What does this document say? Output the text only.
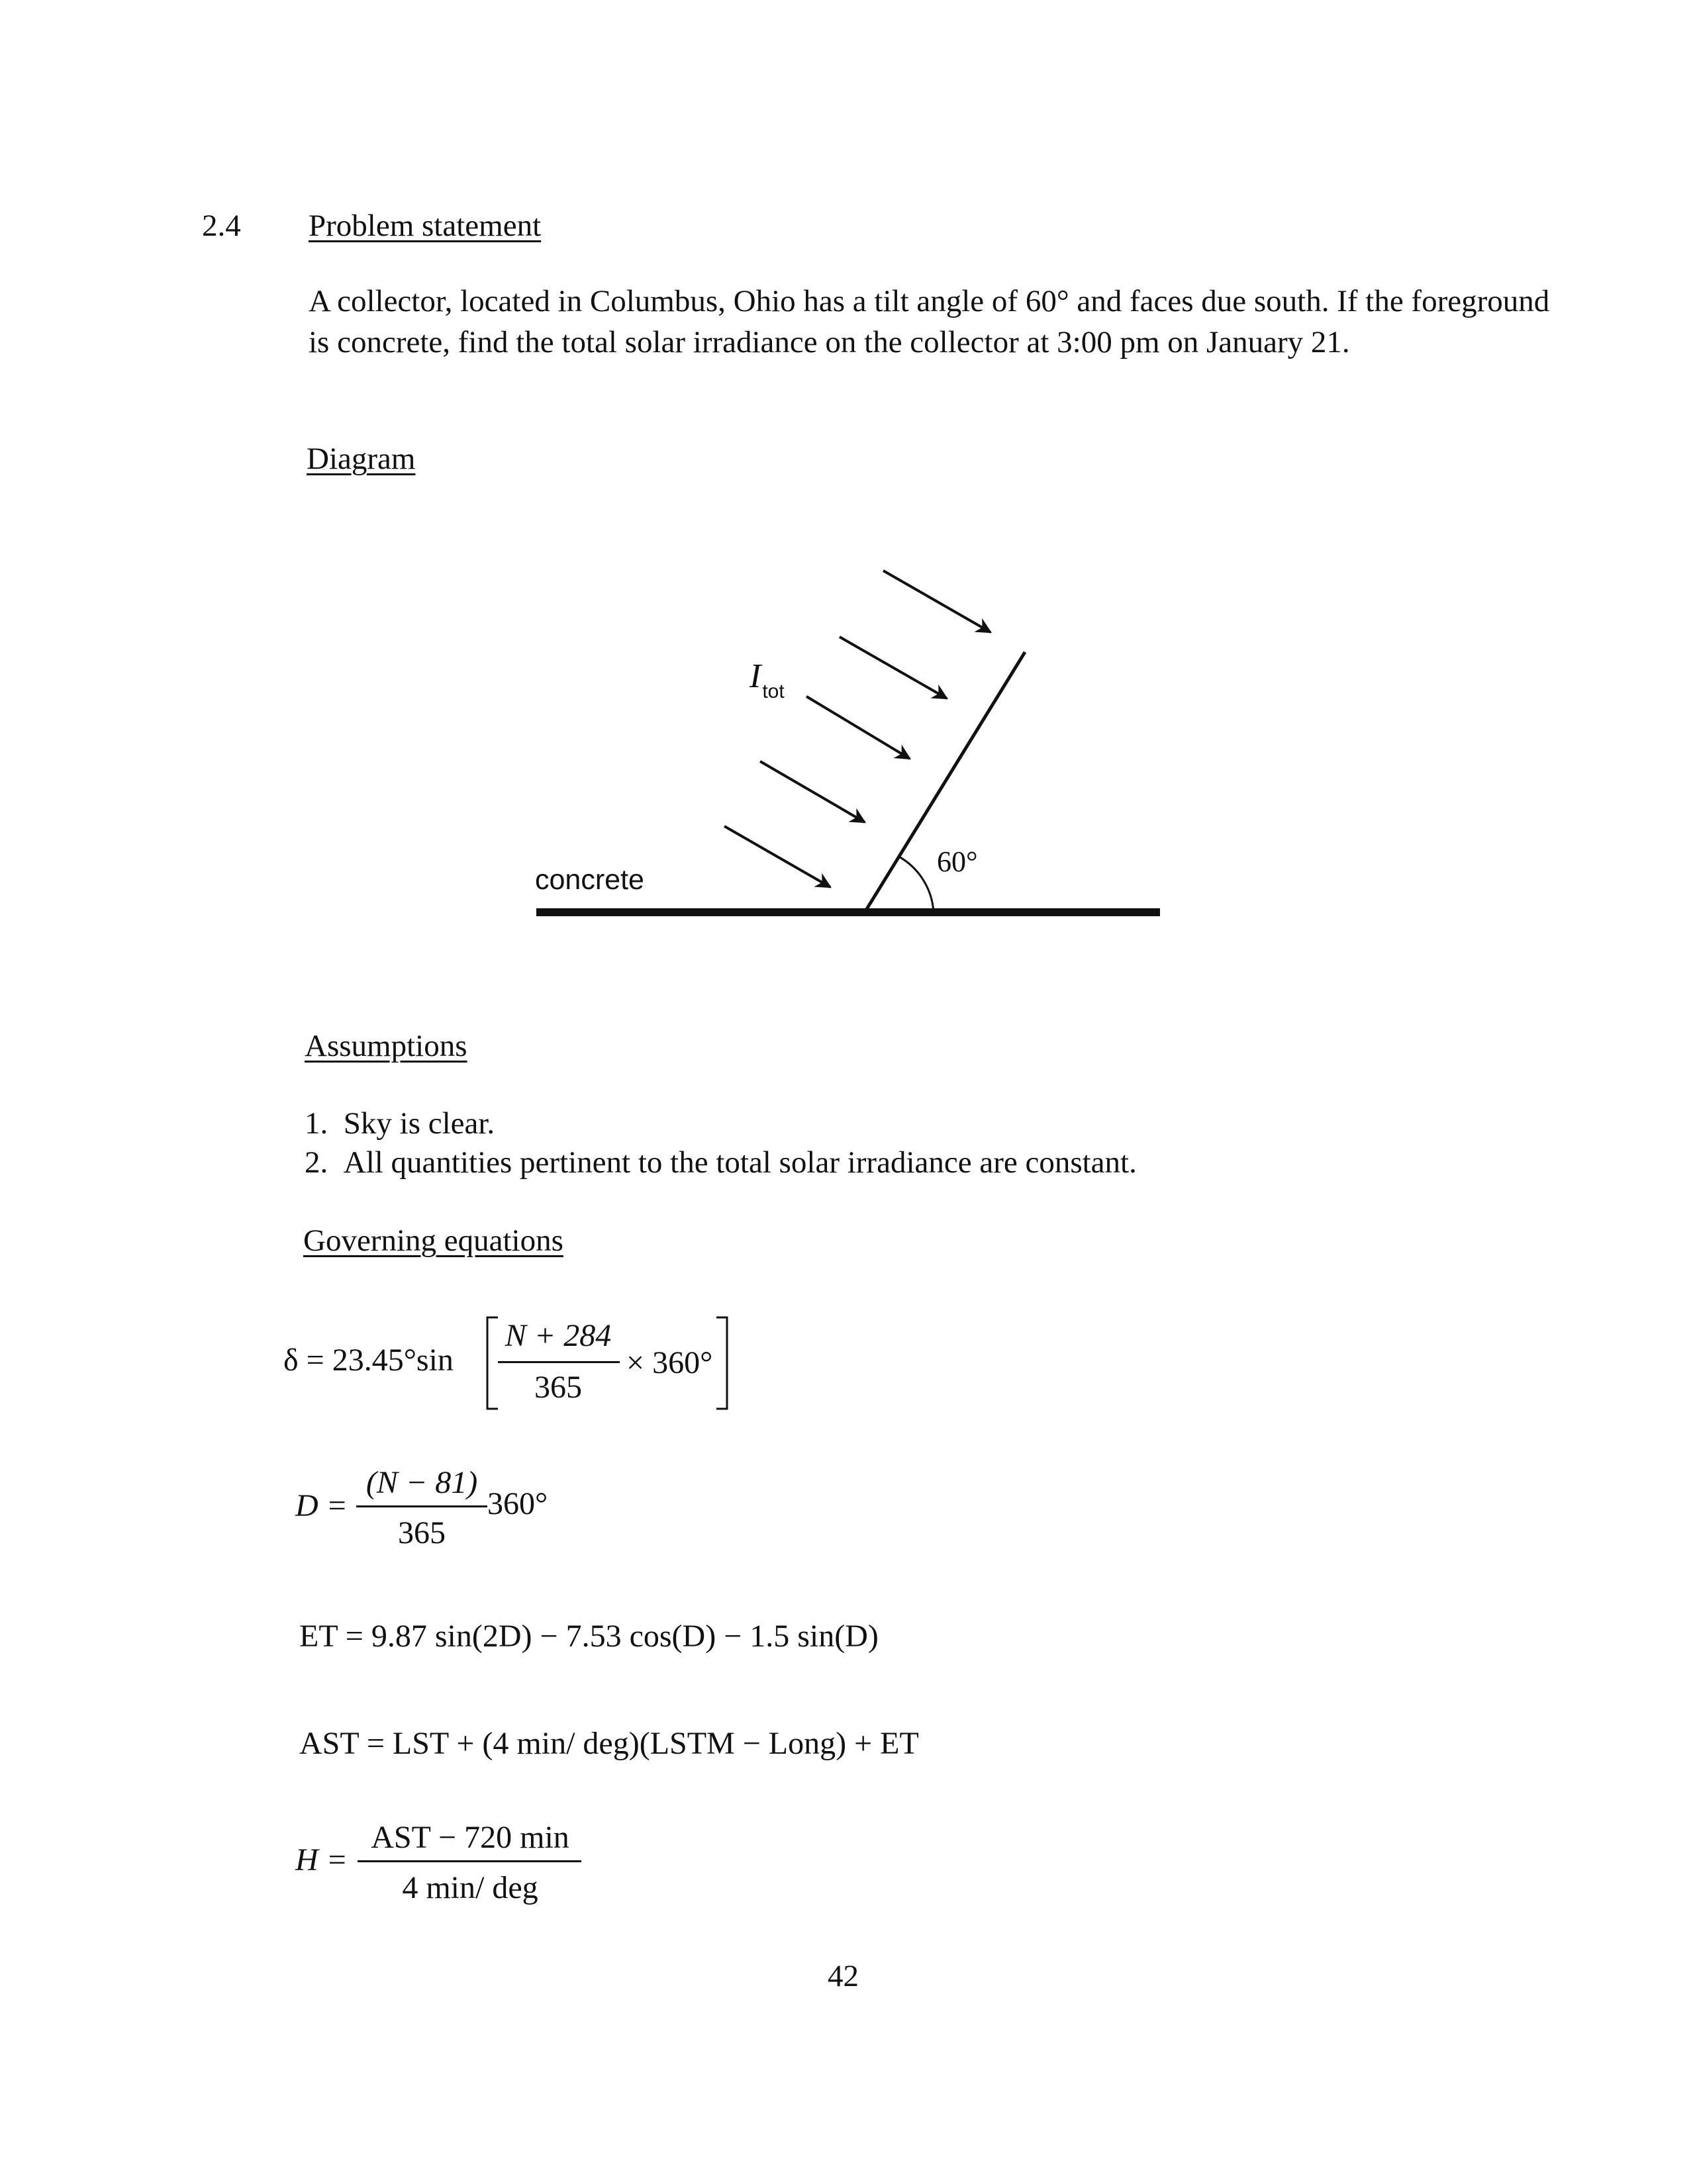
2.4 Problem statement
A collector, located in Columbus, Ohio has a tilt angle of 60° and faces due south. If the foreground is concrete, find the total solar irradiance on the collector at 3:00 pm on January 21.
Diagram
$I_{tot}$
concrete
60°
Assumptions
1.  Sky is clear.
2.  All quantities pertinent to the total solar irradiance are constant.
Governing equations
δ = 23.45°sin
N + 284
365
× 360°
D =
(N − 81)
365
360°
ET = 9.87 sin(2D) − 7.53 cos(D) − 1.5 sin(D)
AST = LST + (4 min/ deg)(LSTM − Long) + ET
H =
AST − 720 min
4 min/ deg
42
